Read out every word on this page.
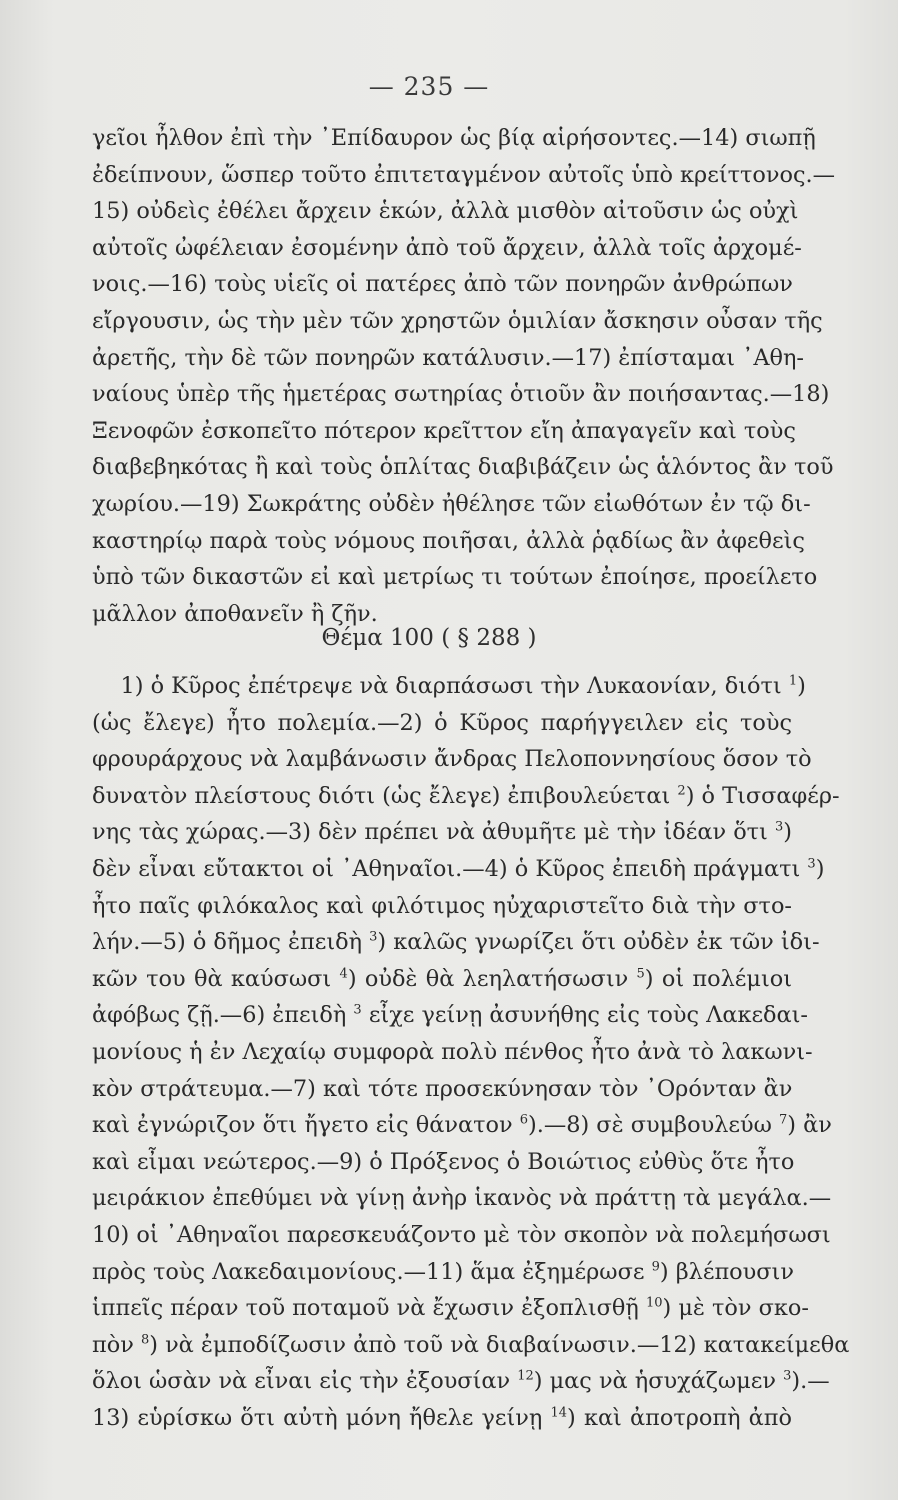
— 235 —
γεῖοι ἦλθον ἐπὶ τὴν ᾿Επίδαυρον ὡς βίᾳ αἱρήσοντες.—14) σιωπῇ
ἐδείπνουν, ὥσπερ τοῦτο ἐπιτεταγμένον αὐτοῖς ὑπὸ κρείττονος.—
15) οὐδεὶς ἐθέλει ἄρχειν ἑκών, ἀλλὰ μισθὸν αἰτοῦσιν ὡς οὐχὶ
αὐτοῖς ὠφέλειαν ἐσομένην ἀπὸ τοῦ ἄρχειν, ἀλλὰ τοῖς ἀρχομέ-
νοις.—16) τοὺς υἱεῖς οἱ πατέρες ἀπὸ τῶν πονηρῶν ἀνθρώπων
εἴργουσιν, ὡς τὴν μὲν τῶν χρηστῶν ὁμιλίαν ἄσκησιν οὖσαν τῆς
ἀρετῆς, τὴν δὲ τῶν πονηρῶν κατάλυσιν.—17) ἐπίσταμαι ᾿Αθη-
ναίους ὑπὲρ τῆς ἡμετέρας σωτηρίας ὁτιοῦν ἂν ποιήσαντας.—18)
Ξενοφῶν ἐσκοπεῖτο πότερον κρεῖττον εἴη ἀπαγαγεῖν καὶ τοὺς
διαβεβηκότας ἢ καὶ τοὺς ὁπλίτας διαβιβάζειν ὡς ἁλόντος ἂν τοῦ
χωρίου.—19) Σωκράτης οὐδὲν ἠθέλησε τῶν εἰωθότων ἐν τῷ δι-
καστηρίῳ παρὰ τοὺς νόμους ποιῆσαι, ἀλλὰ ῥᾳδίως ἂν ἀφεθεὶς
ὑπὸ τῶν δικαστῶν εἰ καὶ μετρίως τι τούτων ἐποίησε, προείλετο
μᾶλλον ἀποθανεῖν ἢ ζῆν.
Θέμα 100 ( § 288 )
1) ὁ Κῦρος ἐπέτρεψε νὰ διαρπάσωσι τὴν Λυκαονίαν, διότι $^1$)
(ὡς ἔλεγε) ἦτο πολεμία.—2) ὁ Κῦρος παρήγγειλεν εἰς τοὺς
φρουράρχους νὰ λαμβάνωσιν ἄνδρας Πελοποννησίους ὅσον τὸ
δυνατὸν πλείστους διότι (ὡς ἔλεγε) ἐπιβουλεύεται $^2$) ὁ Τισσαφέρ-
νης τὰς χώρας.—3) δὲν πρέπει νὰ ἀθυμῆτε μὲ τὴν ἰδέαν ὅτι $^3$)
δὲν εἶναι εὔτακτοι οἱ ᾿Αθηναῖοι.—4) ὁ Κῦρος ἐπειδὴ πράγματι $^3$)
ἦτο παῖς φιλόκαλος καὶ φιλότιμος ηὐχαριστεῖτο διὰ τὴν στο-
λήν.—5) ὁ δῆμος ἐπειδὴ $^3$) καλῶς γνωρίζει ὅτι οὐδὲν ἐκ τῶν ἰδι-
κῶν του θὰ καύσωσι $^4$) οὐδὲ θὰ λεηλατήσωσιν $^5$) οἱ πολέμιοι
ἀφόβως ζῇ.—6) ἐπειδὴ $^3$ εἶχε γείνῃ ἀσυνήθης εἰς τοὺς Λακεδαι-
μονίους ἡ ἐν Λεχαίῳ συμφορὰ πολὺ πένθος ἦτο ἀνὰ τὸ λακωνι-
κὸν στράτευμα.—7) καὶ τότε προσεκύνησαν τὸν ᾿Ορόνταν ἂν
καὶ ἐγνώριζον ὅτι ἤγετο εἰς θάνατον $^6$).—8) σὲ συμβουλεύω $^7$) ἂν
καὶ εἶμαι νεώτερος.—9) ὁ Πρόξενος ὁ Βοιώτιος εὐθὺς ὅτε ἦτο
μειράκιον ἐπεθύμει νὰ γίνῃ ἀνὴρ ἱκανὸς νὰ πράττῃ τὰ μεγάλα.—
10) οἱ ᾿Αθηναῖοι παρεσκευάζοντο μὲ τὸν σκοπὸν νὰ πολεμήσωσι
πρὸς τοὺς Λακεδαιμονίους.—11) ἅμα ἐξημέρωσε $^9$) βλέπουσιν
ἱππεῖς πέραν τοῦ ποταμοῦ νὰ ἔχωσιν ἐξοπλισθῇ $^{10}$) μὲ τὸν σκο-
πὸν $^8$) νὰ ἐμποδίζωσιν ἀπὸ τοῦ νὰ διαβαίνωσιν.—12) κατακείμεθα
ὅλοι ὡσὰν νὰ εἶναι εἰς τὴν ἐξουσίαν $^{12}$) μας νὰ ἡσυχάζωμεν $^3$).—
13) εὑρίσκω ὅτι αὐτὴ μόνη ἤθελε γείνῃ $^{14}$) καὶ ἀποτροπὴ ἀπὸ
